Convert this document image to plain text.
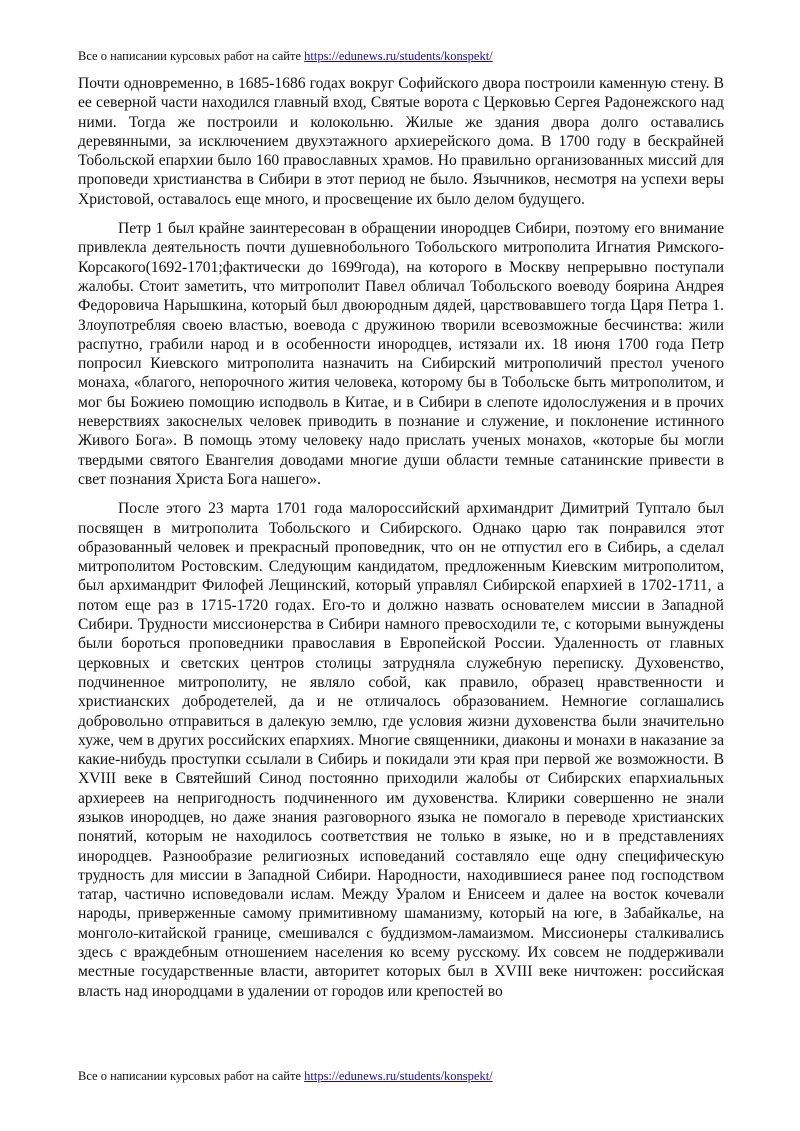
Все о написании курсовых работ на сайте https://edunews.ru/students/konspekt/

Почти одновременно, в 1685-1686 годах вокруг Софийского двора построили каменную стену. В ее северной части находился главный вход, Святые ворота с Церковью Сергея Радонежского над ними. Тогда же построили и колокольню. Жилые же здания двора долго оставались деревянными, за исключением двухэтажного архиерейского дома. В 1700 году в бескрайней Тобольской епархии было 160 православных храмов. Но правильно организованных миссий для проповеди христианства в Сибири в этот период не было. Язычников, несмотря на успехи веры Христовой, оставалось еще много, и просвещение их было делом будущего.

Петр 1 был крайне заинтересован в обращении инородцев Сибири, поэтому его внимание привлекла деятельность почти душевнобольного Тобольского митрополита Игнатия Римского-Корсакого(1692-1701;фактически до 1699года), на которого в Москву непрерывно поступали жалобы. Стоит заметить, что митрополит Павел обличал Тобольского воеводу боярина Андрея Федоровича Нарышкина, который был двоюродным дядей, царствовавшего тогда Царя Петра 1. Злоупотребляя своею властью, воевода с дружиною творили всевозможные бесчинства: жили распутно, грабили народ и в особенности инородцев, истязали их. 18 июня 1700 года Петр попросил Киевского митрополита назначить на Сибирский митрополичий престол ученого монаха, «благого, непорочного жития человека, которому бы в Тобольске быть митрополитом, и мог бы Божиею помощию исподволь в Китае, и в Сибири в слепоте идолослужения и в прочих неверствиях закоснелых человек приводить в познание и служение, и поклонение истинного Живого Бога». В помощь этому человеку надо прислать ученых монахов, «которые бы могли твердыми святого Евангелия доводами многие души области темные сатанинские привести в свет познания Христа Бога нашего».

После этого 23 марта 1701 года малороссийский архимандрит Димитрий Туптало был посвящен в митрополита Тобольского и Сибирского. Однако царю так понравился этот образованный человек и прекрасный проповедник, что он не отпустил его в Сибирь, а сделал митрополитом Ростовским. Следующим кандидатом, предложенным Киевским митрополитом, был архимандрит Филофей Лещинский, который управлял Сибирской епархией в 1702-1711, а потом еще раз в 1715-1720 годах. Его-то и должно назвать основателем миссии в Западной Сибири. Трудности миссионерства в Сибири намного превосходили те, с которыми вынуждены были бороться проповедники православия в Европейской России. Удаленность от главных церковных и светских центров столицы затрудняла служебную переписку. Духовенство, подчиненное митрополиту, не являло собой, как правило, образец нравственности и христианских добродетелей, да и не отличалось образованием. Немногие соглашались добровольно отправиться в далекую землю, где условия жизни духовенства были значительно хуже, чем в других российских епархиях. Многие священники, диаконы и монахи в наказание за какие-нибудь проступки ссылали в Сибирь и покидали эти края при первой же возможности. В XVIII веке в Святейший Синод постоянно приходили жалобы от Сибирских епархиальных архиереев на непригодность подчиненного им духовенства. Клирики совершенно не знали языков инородцев, но даже знания разговорного языка не помогало в переводе христианских понятий, которым не находилось соответствия не только в языке, но и в представлениях инородцев. Разнообразие религиозных исповеданий составляло еще одну специфическую трудность для миссии в Западной Сибири. Народности, находившиеся ранее под господством татар, частично исповедовали ислам. Между Уралом и Енисеем и далее на восток кочевали народы, приверженные самому примитивному шаманизму, который на юге, в Забайкалье, на монголо-китайской границе, смешивался с буддизмом-ламаизмом. Миссионеры сталкивались здесь с враждебным отношением населения ко всему русскому. Их совсем не поддерживали местные государственные власти, авторитет которых был в XVIII веке ничтожен: российская власть над инородцами в удалении от городов или крепостей во

Все о написании курсовых работ на сайте https://edunews.ru/students/konspekt/
